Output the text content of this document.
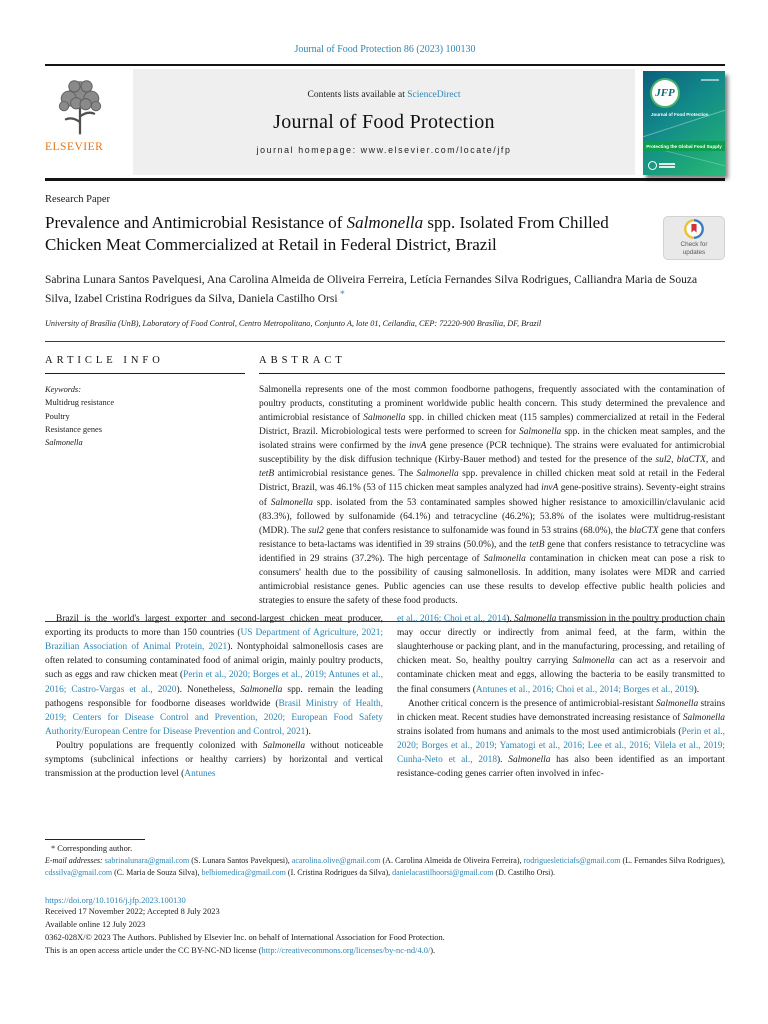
Journal of Food Protection 86 (2023) 100130
ELSEVIER
Contents lists available at ScienceDirect
Journal of Food Protection
journal homepage: www.elsevier.com/locate/jfp
JFP
Journal of Food Protection
Protecting the Global Food Supply
Research Paper
Prevalence and Antimicrobial Resistance of Salmonella spp. Isolated From Chilled Chicken Meat Commercialized at Retail in Federal District, Brazil	Check for updates
Sabrina Lunara Santos Pavelquesi, Ana Carolina Almeida de Oliveira Ferreira, Letícia Fernandes Silva Rodrigues, Calliandra Maria de Souza Silva, Izabel Cristina Rodrigues da Silva, Daniela Castilho Orsi *
University of Brasília (UnB), Laboratory of Food Control, Centro Metropolitano, Conjunto A, lote 01, Ceilandia, CEP: 72220-900 Brasília, DF, Brazil
ARTICLE INFO
Keywords:
Multidrug resistance
Poultry
Resistance genes
Salmonella
ABSTRACT

Salmonella represents one of the most common foodborne pathogens, frequently associated with the contamination of poultry products, constituting a prominent worldwide public health concern. This study determined the prevalence and antimicrobial resistance of Salmonella spp. in chilled chicken meat (115 samples) commercialized at retail in the Federal District, Brazil. Microbiological tests were performed to screen for Salmonella spp. in the chicken meat samples, and the isolated strains were confirmed by the invA gene presence (PCR technique). The strains were evaluated for antimicrobial susceptibility by the disk diffusion technique (Kirby-Bauer method) and tested for the presence of the sul2, blaCTX, and tetB antimicrobial resistance genes. The Salmonella spp. prevalence in chilled chicken meat sold at retail in the Federal District, Brazil, was 46.1% (53 of 115 chicken meat samples analyzed had invA gene-positive strains). Seventy-eight strains of Salmonella spp. isolated from the 53 contaminated samples showed higher resistance to amoxicillin/clavulanic acid (83.3%), followed by sulfonamide (64.1%) and tetracycline (46.2%); 53.8% of the isolates were multidrug-resistant (MDR). The sul2 gene that confers resistance to sulfonamide was found in 53 strains (68.0%), the blaCTX gene that confers resistance to beta-lactams was identified in 39 strains (50.0%), and the tetB gene that confers resistance to tetracycline was identified in 29 strains (37.2%). The high percentage of Salmonella contamination in chicken meat can pose a risk to consumers' health due to the possibility of causing salmonellosis. In addition, many isolates were MDR and carried antimicrobial resistance genes. Public agencies can use these results to develop effective public health policies and strategies to ensure the safety of these food products.

Brazil is the world's largest exporter and second-largest chicken meat producer, exporting its products to more than 150 countries (US Department of Agriculture, 2021; Brazilian Association of Animal Protein, 2021). Nontyphoidal salmonellosis cases are often related to consuming contaminated food of animal origin, mainly poultry products, such as eggs and raw chicken meat (Perin et al., 2020; Borges et al., 2019; Antunes et al., 2016; Castro-Vargas et al., 2020). Nonetheless, Salmonella spp. remain the leading pathogens responsible for foodborne diseases worldwide (Brasil Ministry of Health, 2019; Centers for Disease Control and Prevention, 2020; European Food Safety Authority/European Centre for Disease Prevention and Control, 2021).

Poultry populations are frequently colonized with Salmonella without noticeable symptoms (subclinical infections or healthy carriers) by horizontal and vertical transmission at the production level (Antunes

et al., 2016; Choi et al., 2014). Salmonella transmission in the poultry production chain may occur directly or indirectly from animal feed, at the farm, within the slaughterhouse or packing plant, and in the manufacturing, processing, and retailing of chicken meat. So, healthy poultry carrying Salmonella can act as a reservoir and contaminate chicken meat and eggs, allowing the bacteria to be easily transmitted to the final consumers (Antunes et al., 2016; Choi et al., 2014; Borges et al., 2019).

Another critical concern is the presence of antimicrobial-resistant Salmonella strains in chicken meat. Recent studies have demonstrated increasing resistance of Salmonella strains isolated from humans and animals to the most used antimicrobials (Perin et al., 2020; Borges et al., 2019; Yamatogi et al., 2016; Lee et al., 2016; Vilela et al., 2019; Cunha-Neto et al., 2018). Salmonella has also been identified as an important resistance-coding genes carrier often involved in infec-

* Corresponding author.

E-mail addresses: sabrinalunara@gmail.com (S. Lunara Santos Pavelquesi), acarolina.olive@gmail.com (A. Carolina Almeida de Oliveira Ferreira), rodriguesleticiafs@gmail.com (L. Fernandes Silva Rodrigues), cdssilva@gmail.com (C. Maria de Souza Silva), belbiomedica@gmail.com (I. Cristina Rodrigues da Silva), danielacastilhoorsi@gmail.com (D. Castilho Orsi).

https://doi.org/10.1016/j.jfp.2023.100130
Received 17 November 2022; Accepted 8 July 2023
Available online 12 July 2023
0362-028X/© 2023 The Authors. Published by Elsevier Inc. on behalf of International Association for Food Protection.
This is an open access article under the CC BY-NC-ND license (http://creativecommons.org/licenses/by-nc-nd/4.0/).
